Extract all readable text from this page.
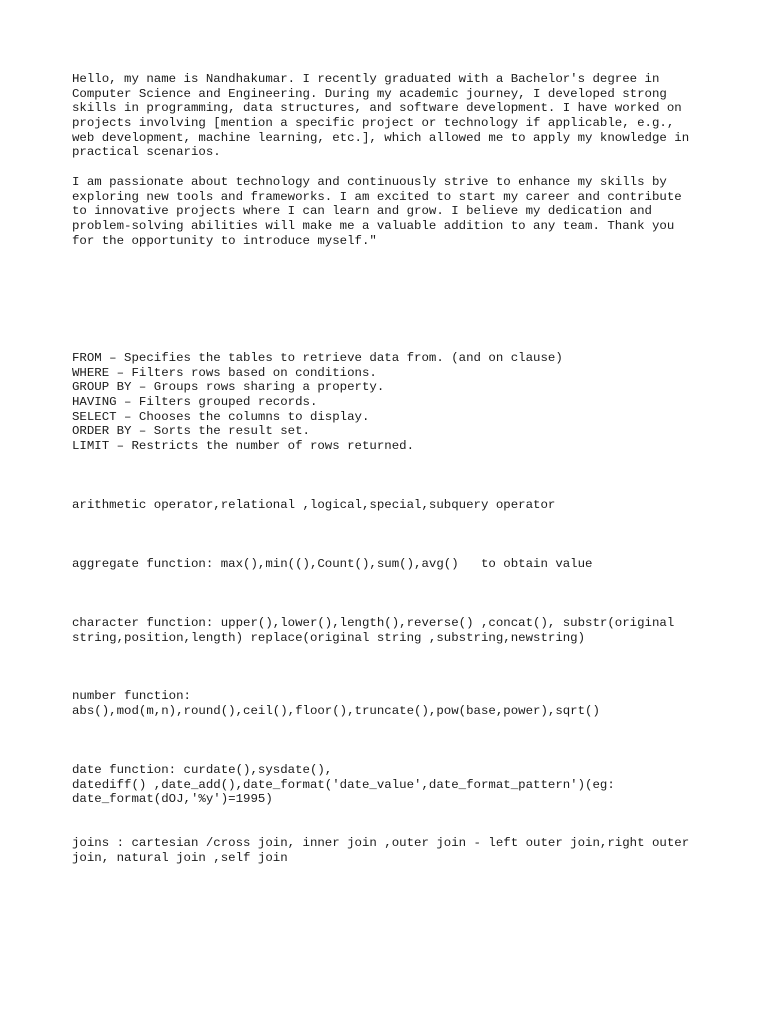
Hello, my name is Nandhakumar. I recently graduated with a Bachelor's degree in
Computer Science and Engineering. During my academic journey, I developed strong
skills in programming, data structures, and software development. I have worked on
projects involving [mention a specific project or technology if applicable, e.g.,
web development, machine learning, etc.], which allowed me to apply my knowledge in
practical scenarios.
I am passionate about technology and continuously strive to enhance my skills by
exploring new tools and frameworks. I am excited to start my career and contribute
to innovative projects where I can learn and grow. I believe my dedication and
problem-solving abilities will make me a valuable addition to any team. Thank you
for the opportunity to introduce myself."
FROM – Specifies the tables to retrieve data from. (and on clause)
WHERE – Filters rows based on conditions.
GROUP BY – Groups rows sharing a property.
HAVING – Filters grouped records.
SELECT – Chooses the columns to display.
ORDER BY – Sorts the result set.
LIMIT – Restricts the number of rows returned.
arithmetic operator,relational ,logical,special,subquery operator
aggregate function: max(),min((),Count(),sum(),avg()   to obtain value
character function: upper(),lower(),length(),reverse() ,concat(), substr(original
string,position,length) replace(original string ,substring,newstring)
number function:
abs(),mod(m,n),round(),ceil(),floor(),truncate(),pow(base,power),sqrt()
date function: curdate(),sysdate(),
datediff() ,date_add(),date_format('date_value',date_format_pattern')(eg:
date_format(dOJ,'%y')=1995)
joins : cartesian /cross join, inner join ,outer join - left outer join,right outer
join, natural join ,self join
